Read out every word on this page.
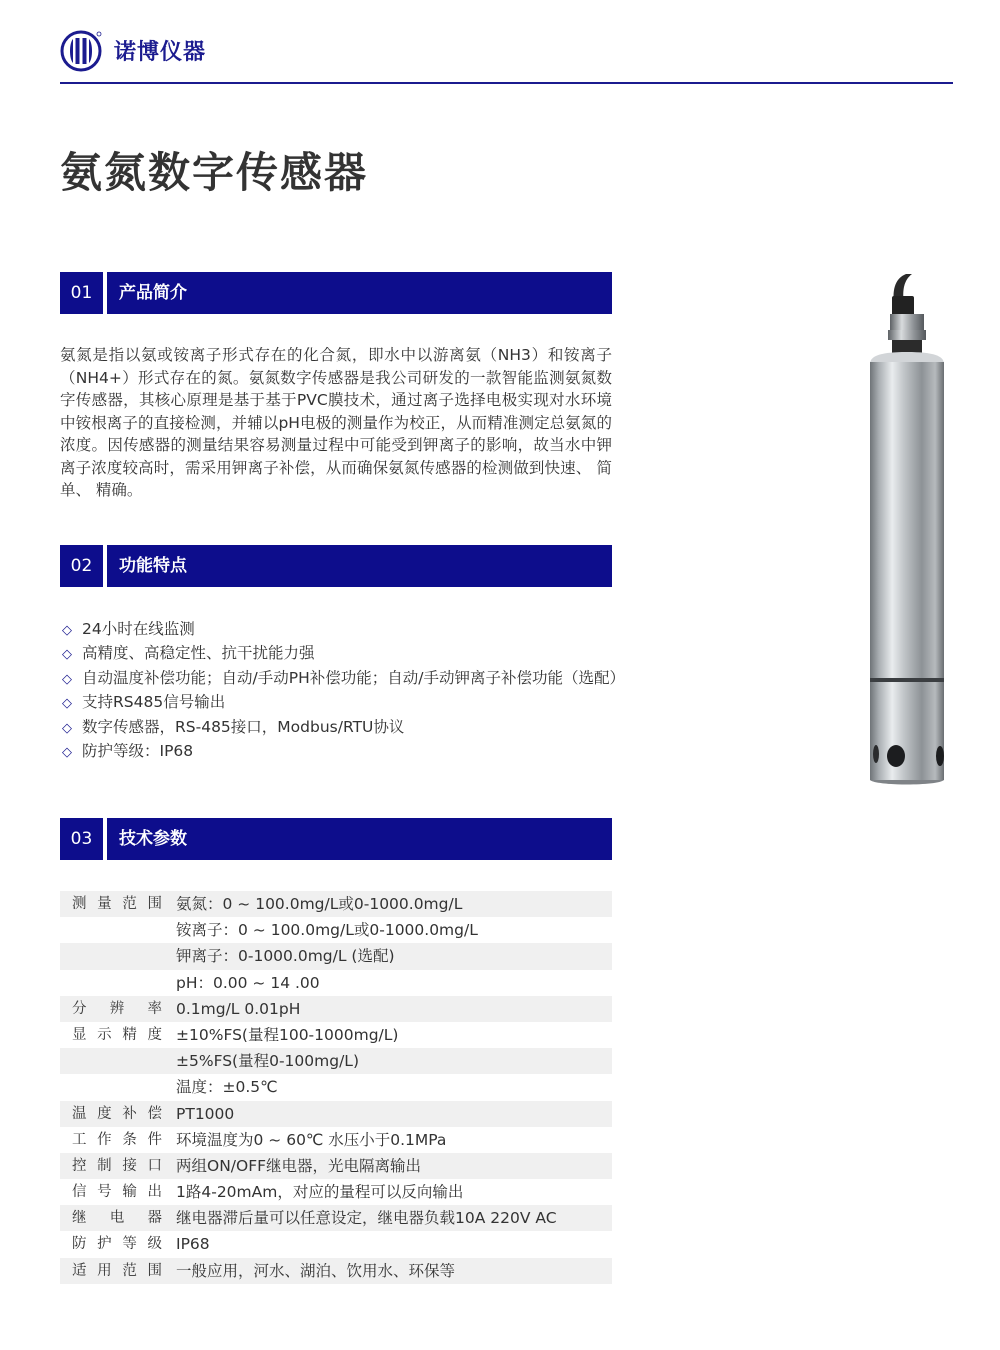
诺博仪器
氨氮数字传感器
01	产品简介

氨氮是指以氨或铵离子形式存在的化合氮，即水中以游离氨（NH3）和铵离子（NH4+）形式存在的氮。氨氮数字传感器是我公司研发的一款智能监测氨氮数字传感器，其核心原理是基于基于PVC膜技术，通过离子选择电极实现对水环境中铵根离子的直接检测，并辅以pH电极的测量作为校正，从而精准测定总氨氮的浓度。因传感器的测量结果容易测量过程中可能受到钾离子的影响，故当水中钾离子浓度较高时，需采用钾离子补偿，从而确保氨氮传感器的检测做到快速、 简单、 精确。

02	功能特点
◇ 24小时在线监测
◇ 高精度、高稳定性、抗干扰能力强
◇ 自动温度补偿功能；自动/手动PH补偿功能；自动/手动钾离子补偿功能（选配）
◇ 支持RS485信号输出
◇ 数字传感器，RS-485接口，Modbus/RTU协议
◇ 防护等级：IP68
03	技术参数
测量范围 氨氮：0 ~ 100.0mg/L或0-1000.0mg/L
铵离子：0 ~ 100.0mg/L或0-1000.0mg/L
钾离子：0-1000.0mg/L (选配)
pH：0.00 ~ 14 .00
分辨率 0.1mg/L 0.01pH
显示精度 ±10%FS(量程100-1000mg/L)
±5%FS(量程0-100mg/L)
温度：±0.5℃
温度补偿 PT1000
工作条件 环境温度为0 ~ 60℃ 水压小于0.1MPa
控制接口 两组ON/OFF继电器，光电隔离输出
信号输出 1路4-20mAm，对应的量程可以反向输出
继电器 继电器滞后量可以任意设定，继电器负载10A 220V AC
防护等级 IP68
适用范围 一般应用，河水、湖泊、饮用水、环保等
